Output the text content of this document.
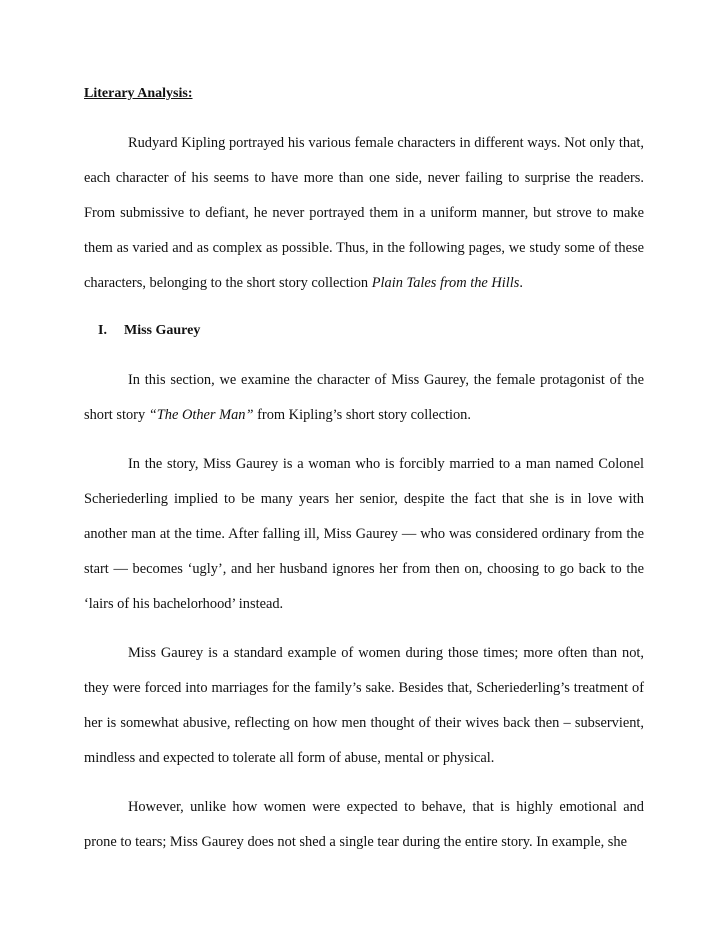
Literary Analysis:

Rudyard Kipling portrayed his various female characters in different ways. Not only that, each character of his seems to have more than one side, never failing to surprise the readers. From submissive to defiant, he never portrayed them in a uniform manner, but strove to make them as varied and as complex as possible. Thus, in the following pages, we study some of these characters, belonging to the short story collection Plain Tales from the Hills.

I. Miss Gaurey

In this section, we examine the character of Miss Gaurey, the female protagonist of the short story “The Other Man” from Kipling’s short story collection.

In the story, Miss Gaurey is a woman who is forcibly married to a man named Colonel Scheriederling implied to be many years her senior, despite the fact that she is in love with another man at the time. After falling ill, Miss Gaurey — who was considered ordinary from the start — becomes ‘ugly’, and her husband ignores her from then on, choosing to go back to the ‘lairs of his bachelorhood’ instead.

Miss Gaurey is a standard example of women during those times; more often than not, they were forced into marriages for the family’s sake. Besides that, Scheriederling’s treatment of her is somewhat abusive, reflecting on how men thought of their wives back then – subservient, mindless and expected to tolerate all form of abuse, mental or physical.

However, unlike how women were expected to behave, that is highly emotional and prone to tears; Miss Gaurey does not shed a single tear during the entire story. In example, she
